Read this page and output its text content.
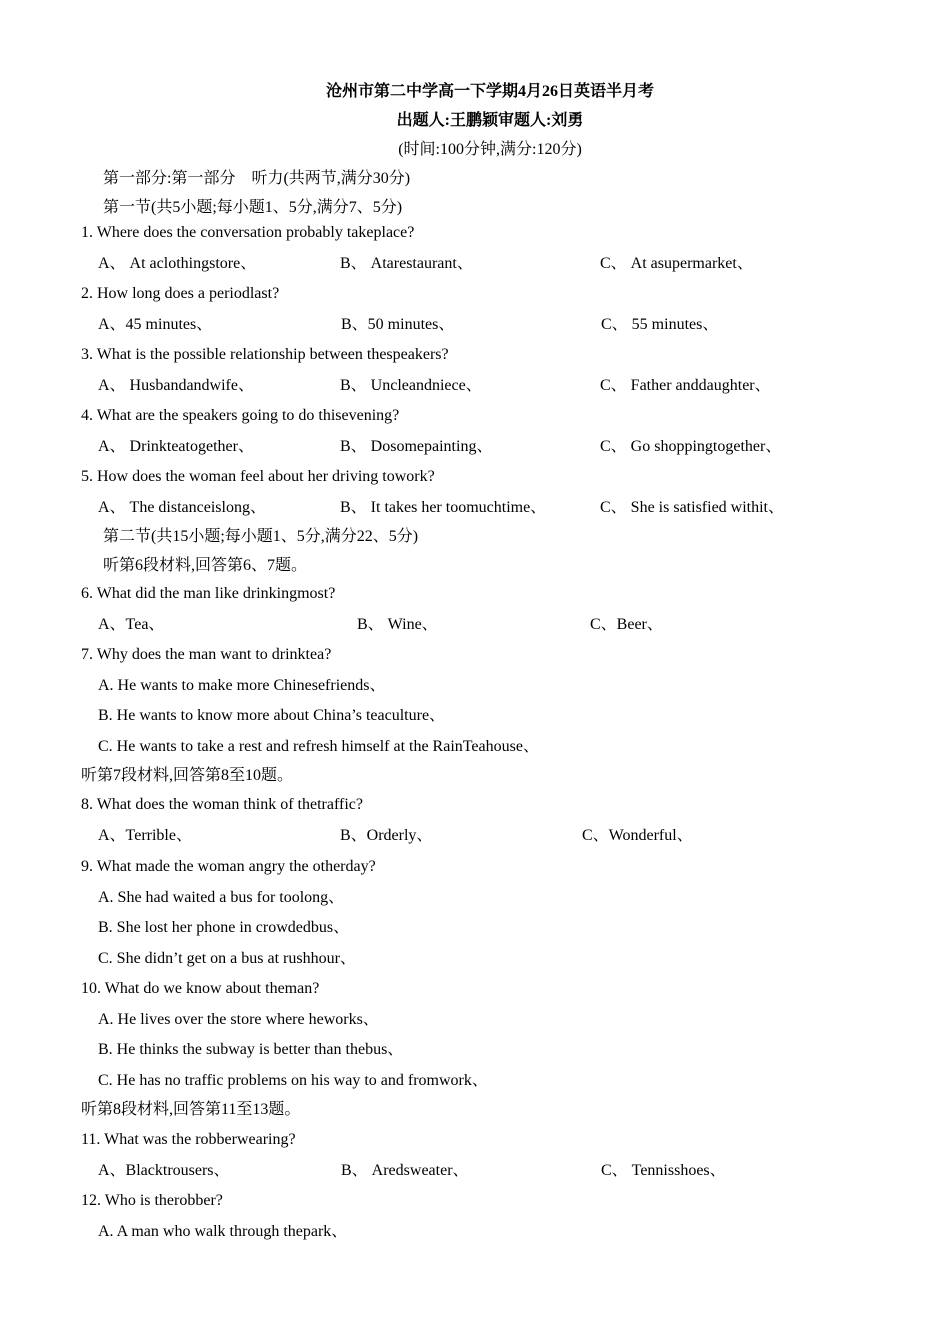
沧州市第二中学高一下学期4月26日英语半月考
出题人:王鹏颖审题人:刘勇
(时间:100分钟,满分:120分)
第一部分:第一部分　听力(共两节,满分30分)
第一节(共5小题;每小题1、5分,满分7、5分)
1. Where does the conversation probably takeplace?
A、 At aclothingstore、	B、 Atarestaurant、	C、 At asupermarket、
2. How long does a periodlast?
A、45 minutes、	B、50 minutes、	C、 55 minutes、
3. What is the possible relationship between thespeakers?
A、 Husbandandwife、	B、 Uncleandniece、	C、 Father anddaughter、
4. What are the speakers going to do thisevening?
A、 Drinkteatogether、	B、 Dosomepainting、	C、 Go shoppingtogether、
5. How does the woman feel about her driving towork?
A、 The distanceislong、	B、 It takes her toomuchtime、	C、 She is satisfied withit、
第二节(共15小题;每小题1、5分,满分22、5分)
听第6段材料,回答第6、7题。
6. What did the man like drinkingmost?
A、Tea、	B、 Wine、	C、Beer、
7. Why does the man want to drinktea?
A. He wants to make more Chinesefriends、
B. He wants to know more about China’s teaculture、
C. He wants to take a rest and refresh himself at the RainTeahouse、
听第7段材料,回答第8至10题。
8. What does the woman think of thetraffic?
A、Terrible、	B、Orderly、	C、Wonderful、
9. What made the woman angry the otherday?
A. She had waited a bus for toolong、
B. She lost her phone in crowdedbus、
C. She didn’t get on a bus at rushhour、
10. What do we know about theman?
A. He lives over the store where heworks、
B. He thinks the subway is better than thebus、
C. He has no traffic problems on his way to and fromwork、
听第8段材料,回答第11至13题。
11. What was the robberwearing?
A、Blacktrousers、	B、 Aredsweater、	C、 Tennisshoes、
12. Who is therobber?
A. A man who walk through thepark、
